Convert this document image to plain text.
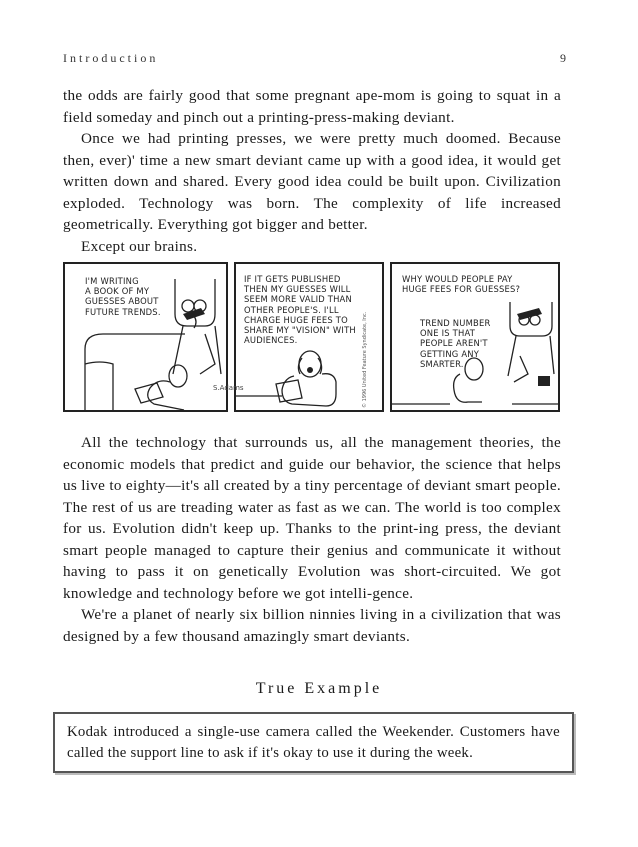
Introduction	9

the odds are fairly good that some pregnant ape-mom is going to squat in a field someday and pinch out a printing-press-making deviant.

Once we had printing presses, we were pretty much doomed. Because then, ever)' time a new smart deviant came up with a good idea, it would get written down and shared. Every good idea could be built upon. Civilization exploded. Technology was born. The complexity of life increased geometrically. Everything got bigger and better.

Except our brains.

I'M WRITING
A BOOK OF MY
GUESSES ABOUT
FUTURE TRENDS.
IF IT GETS PUBLISHED
THEN MY GUESSES WILL
SEEM MORE VALID THAN
OTHER PEOPLE'S. I'LL
CHARGE HUGE FEES TO
SHARE MY "VISION" WITH
AUDIENCES.	© 1996 United Feature Syndicate, Inc.
WHY WOULD PEOPLE PAY
HUGE FEES FOR GUESSES?
TREND NUMBER
ONE IS THAT
PEOPLE AREN'T
GETTING ANY
SMARTER.
S.Adams

All the technology that surrounds us, all the management theories, the economic models that predict and guide our behavior, the science that helps us live to eighty—it's all created by a tiny percentage of deviant smart people. The rest of us are treading water as fast as we can. The world is too complex for us. Evolution didn't keep up. Thanks to the print-ing press, the deviant smart people managed to capture their genius and communicate it without having to pass it on genetically Evolution was short-circuited. We got knowledge and technology before we got intelli-gence.

We're a planet of nearly six billion ninnies living in a civilization that was designed by a few thousand amazingly smart deviants.

True Example

Kodak introduced a single-use camera called the Weekender. Customers have called the support line to ask if it's okay to use it during the week.
